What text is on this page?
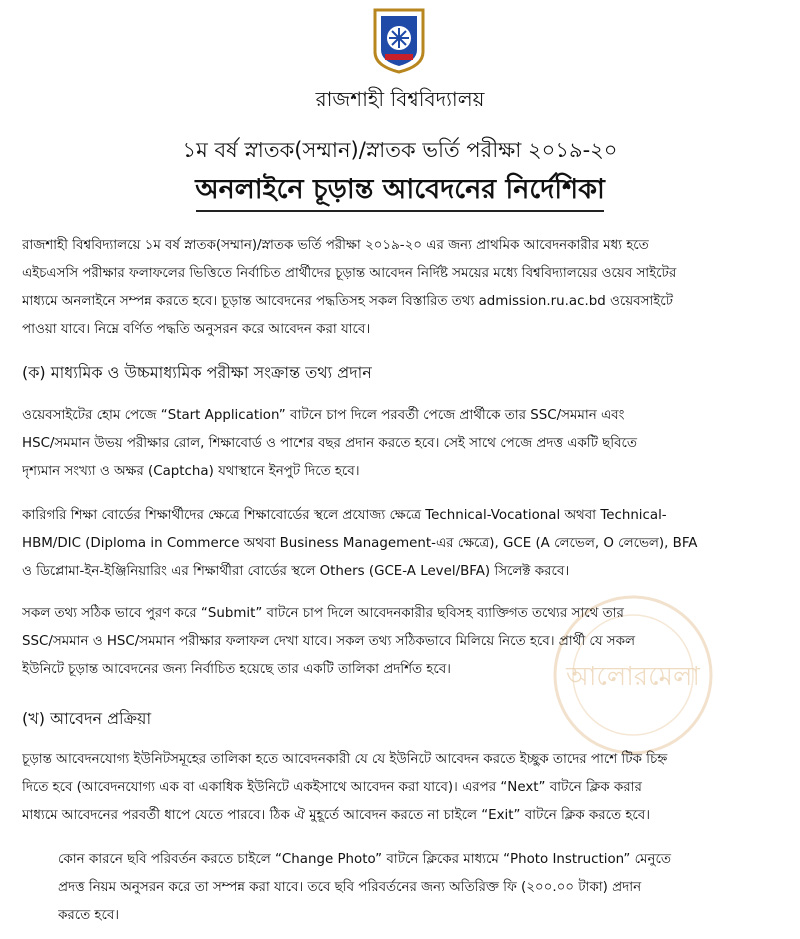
রাজশাহী বিশ্ববিদ্যালয়
১ম বর্ষ স্নাতক(সম্মান)/স্নাতক ভর্তি পরীক্ষা ২০১৯-২০
অনলাইনে চূড়ান্ত আবেদনের নির্দেশিকা
আলোরমেলা
রাজশাহী বিশ্ববিদ্যালয়ে ১ম বর্ষ স্নাতক(সম্মান)/স্নাতক ভর্তি পরীক্ষা ২০১৯-২০ এর জন্য প্রাথমিক আবেদনকারীর মধ্য হতে
এইচএসসি পরীক্ষার ফলাফলের ভিত্তিতে নির্বাচিত প্রার্থীদের চূড়ান্ত আবেদন নির্দিষ্ট সময়ের মধ্যে বিশ্ববিদ্যালয়ের ওয়েব সাইটের
মাধ্যমে অনলাইনে সম্পন্ন করতে হবে। চূড়ান্ত আবেদনের পদ্ধতিসহ সকল বিস্তারিত তথ্য admission.ru.ac.bd ওয়েবসাইটে
পাওয়া যাবে। নিম্নে বর্ণিত পদ্ধতি অনুসরন করে আবেদন করা যাবে।
(ক) মাধ্যমিক ও উচ্চমাধ্যমিক পরীক্ষা সংক্রান্ত তথ্য প্রদান
ওয়েবসাইটের হোম পেজে “Start Application” বাটনে চাপ দিলে পরবর্তী পেজে প্রার্থীকে তার SSC/সমমান এবং
HSC/সমমান উভয় পরীক্ষার রোল, শিক্ষাবোর্ড ও পাশের বছর প্রদান করতে হবে। সেই সাথে পেজে প্রদত্ত একটি ছবিতে
দৃশ্যমান সংখ্যা ও অক্ষর (Captcha) যথাস্থানে ইনপুট দিতে হবে।
কারিগরি শিক্ষা বোর্ডের শিক্ষার্থীদের ক্ষেত্রে শিক্ষাবোর্ডের স্থলে প্রযোজ্য ক্ষেত্রে Technical-Vocational অথবা Technical-
HBM/DIC (Diploma in Commerce অথবা Business Management-এর ক্ষেত্রে), GCE (A লেভেল, O লেভেল), BFA
ও ডিপ্লোমা-ইন-ইঞ্জিনিয়ারিং এর শিক্ষার্থীরা বোর্ডের স্থলে Others (GCE-A Level/BFA) সিলেক্ট করবে।
সকল তথ্য সঠিক ভাবে পুরণ করে “Submit” বাটনে চাপ দিলে আবেদনকারীর ছবিসহ ব্যাক্তিগত তথ্যের সাথে তার
SSC/সমমান ও HSC/সমমান পরীক্ষার ফলাফল দেখা যাবে। সকল তথ্য সঠিকভাবে মিলিয়ে নিতে হবে। প্রার্থী যে সকল
ইউনিটে চূড়ান্ত আবেদনের জন্য নির্বাচিত হয়েছে তার একটি তালিকা প্রদর্শিত হবে।
(খ) আবেদন প্রক্রিয়া
চূড়ান্ত আবেদনযোগ্য ইউনিটসমূহের তালিকা হতে আবেদনকারী যে যে ইউনিটে আবেদন করতে ইচ্ছুক তাদের পাশে টিক চিহ্ন
দিতে হবে (আবেদনযোগ্য এক বা একাধিক ইউনিটে একইসাথে আবেদন করা যাবে)। এরপর “Next” বাটনে ক্লিক করার
মাধ্যমে আবেদনের পরবর্তী ধাপে যেতে পারবে। ঠিক ঐ মুহূর্তে আবেদন করতে না চাইলে “Exit” বাটনে ক্লিক করতে হবে।
কোন কারনে ছবি পরিবর্তন করতে চাইলে “Change Photo” বাটনে ক্লিকের মাধ্যমে “Photo Instruction” মেনুতে
প্রদত্ত নিয়ম অনুসরন করে তা সম্পন্ন করা যাবে। তবে ছবি পরিবর্তনের জন্য অতিরিক্ত ফি (২০০.০০ টাকা) প্রদান
করতে হবে।
